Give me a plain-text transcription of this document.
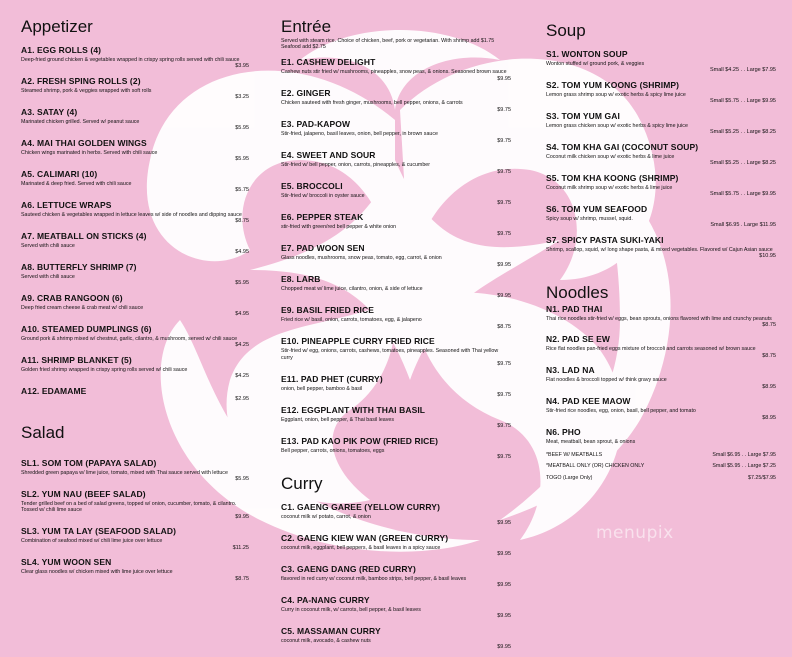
Appetizer
A1. EGG ROLLS (4)
Deep-fried ground chicken & vegetables wrapped in crispy spring rolls served with chili sauce
$3.95
A2. FRESH SPING ROLLS (2)
Steamed shrimp, pork & veggies wrapped with soft rolls
$3.25
A3. SATAY (4)
Marinated chicken grilled. Served w/ peanut sauce
$5.95
A4. MAI THAI GOLDEN WINGS
Chicken wings marinated in herbs. Served with chili sauce
$5.95
A5. CALIMARI (10)
Marinated & deep fried. Served with chili sauce
$5.75
A6. LETTUCE WRAPS
Sauteed chicken & vegetables wrapped in lettuce leaves w/ side of noodles and dipping sauce
$8.75
A7. MEATBALL ON STICKS (4)
Served with chili sauce
$4.95
A8. BUTTERFLY SHRIMP (7)
Served with chili sauce
$5.95
A9. CRAB RANGOON (6)
Deep fried cream cheese & crab meat w/ chili sauce
$4.95
A10. STEAMED DUMPLINGS (6)
Ground pork & shrimp mixed w/ chestnut, garlic, cilantro, & mushroom, served w/ chili sauce
$4.25
A11. SHRIMP BLANKET (5)
Golden fried shrimp wrapped in crispy spring rolls served w/ chili sauce
$4.25
A12. EDAMAME
$2.95
Salad
SL1. SOM TOM (PAPAYA SALAD)
Shredded green papaya w/ lime juice, tomato, mixed with Thai sauce served with lettuce
$5.95
SL2. YUM NAU (BEEF SALAD)
Tender grilled beef on a bed of salad greens, topped w/ onion, cucumber, tomato, & cilantro. Tossed w/ chili lime sauce
$9.95
SL3. YUM TA LAY (SEAFOOD SALAD)
Combination of seafood mixed w/ chili lime juice over lettuce
$11.25
SL4. YUM WOON SEN
Clear glass noodles w/ chicken mixed with lime juice over lettuce
$8.75
Entrée

Served with steam rice. Choice of chicken, beef, pork or vegetarian. With shrimp add $1.75 Seafood add $2.75

E1. CASHEW DELIGHT
Cashew nuts stir fried w/ mushrooms, pineapples, snow peas, & onions. Seasoned brown sauce
$9.95
E2. GINGER
Chicken sauteed with fresh ginger, mushrooms, bell pepper, onions, & carrots
$9.75
E3. PAD-KAPOW
Stir-fried, jalapeno, basil leaves, onion, bell pepper, in brown sauce
$9.75
E4. SWEET AND SOUR
Stir-fried w/ bell pepper, onion, carrots, pineapples, & cucumber
$9.75
E5. BROCCOLI
Stir-fried w/ broccoli in oyster sauce
$9.75
E6. PEPPER STEAK
stir-fried with green/red bell pepper & white onion
$9.75
E7. PAD WOON SEN
Glass noodles, mushrooms, snow peas, tomato, egg, carrot, & onion
$9.95
E8. LARB
Chopped meat w/ lime juice, cilantro, onion, & side of lettuce
$9.95
E9. BASIL FRIED RICE
Fried rice w/ basil, onion, carrots, tomatoes, egg, & jalapeno
$8.75
E10. PINEAPPLE CURRY FRIED RICE
Stir-fried w/ egg, onions, carrots, cashews, tomatoes, pineapples. Seasoned with Thai yellow curry
$9.75
E11. PAD PHET (CURRY)
onion, bell pepper, bamboo & basil
$9.75
E12. EGGPLANT WITH THAI BASIL
Eggplant, onion, bell pepper, & Thai basil leaves
$9.75
E13. PAD KAO PIK POW (FRIED RICE)
Bell pepper, carrots, onions, tomatoes, eggs
$9.75
Curry
C1. GAENG GAREE (YELLOW CURRY)
coconut milk w/ potato, carrot, & onion
$9.95
C2. GAENG KIEW WAN (GREEN CURRY)
coconut milk, eggplant, bell peppers, & basil leaves in a spicy sauce
$9.95
C3. GAENG DANG (RED CURRY)
flavored in red curry w/ coconut milk, bamboo strips, bell pepper, & basil leaves
$9.95
C4. PA-NANG CURRY
Curry in coconut milk, w/ carrots, bell pepper, & basil leaves
$9.95
C5. MASSAMAN CURRY
coconut milk, avocado, & cashew nuts
$9.95
Soup
S1. WONTON SOUP
Wonton stuffed w/ ground pork, & veggies
Small $4.25 . . Large $7.95
S2. TOM YUM KOONG (SHRIMP)
Lemon grass shrimp soup w/ exotic herbs & spicy lime juice
Small $5.75 . . Large $9.95
S3. TOM YUM GAI
Lemon grass chicken soup w/ exotic herbs & spicy lime juice
Small $5.25 . . Large $8.25
S4. TOM KHA GAI (COCONUT SOUP)
Coconut milk chicken soup w/ exotic herbs & lime juice
Small $5.25 . . Large $8.25
S5. TOM KHA KOONG (SHRIMP)
Coconut milk shrimp soup w/ exotic herbs & lime juice
Small $5.75 . . Large $9.95
S6. TOM YUM SEAFOOD
Spicy soup w/ shrimp, mussel, squid.
Small $6.95 . Large $11.95
S7. SPICY PASTA SUKI-YAKI
Shrimp, scallop, squid, w/ long shape pasta, & mixed vegetables. Flavored w/ Cajun Asian sauce
$10.95
Noodles
N1. PAD THAI
Thai rice noodles stir-fried w/ eggs, bean sprouts, onions flavored with lime and crunchy peanuts
$8.75
N2. PAD SE EW
Rice flat noodles pan-fried eggs mixture of broccoli and carrots seasoned w/ brown sauce
$8.75
N3. LAD NA
Flat noodles & broccoli topped w/ think gravy sauce
$8.95
N4. PAD KEE MAOW
Stir-fried rice noodles, egg, onion, basil, bell pepper, and tomato
$8.95
N6. PHO
Meat, meatball, bean sprout, & onions
*BEEF W/ MEATBALLS	Small $6.95 . . Large $7.95
*MEATBALL ONLY (OR) CHICKEN ONLY	Small $5.95 . . Large $7.25
TOGO (Large Only)	$7.25/$7.95
menupix
